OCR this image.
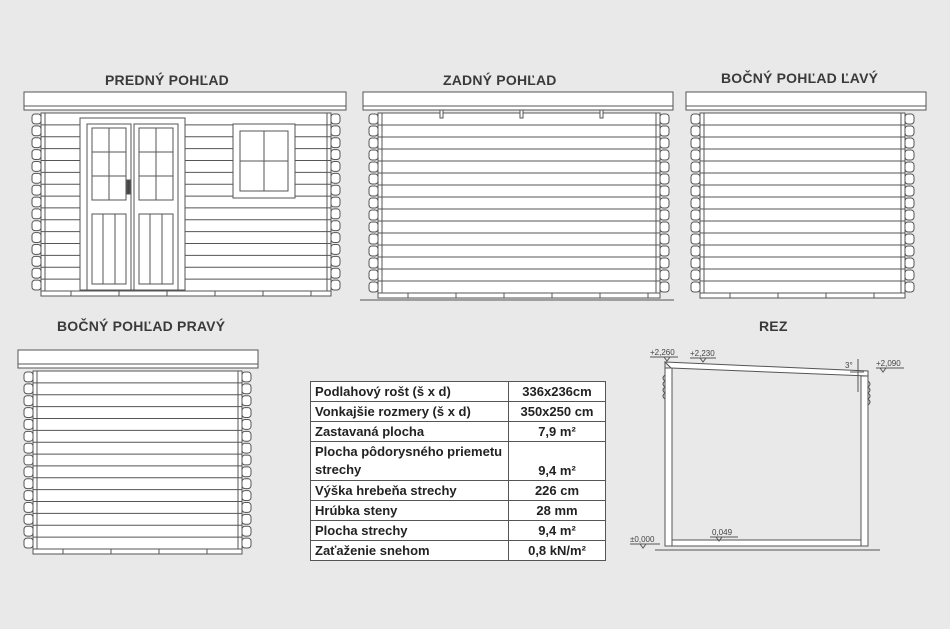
PREDNÝ POHĽAD	ZADNÝ POHĽAD	BOČNÝ POHĽAD ĽAVÝ
BOČNÝ POHĽAD PRAVÝ	REZ
+2,260 +2,230
+2,090
3°
±0,000
0,049
Podlahový rošt (š x d)	336x236cm
Vonkajšie rozmery (š x d)	350x250 cm
Zastavaná plocha	7,9 m²
Plocha pôdorysného priemetu strechy	9,4 m²
Výška hrebeňa strechy	226 cm
Hrúbka steny	28 mm
Plocha strechy	9,4 m²
Zaťaženie snehom	0,8 kN/m²
